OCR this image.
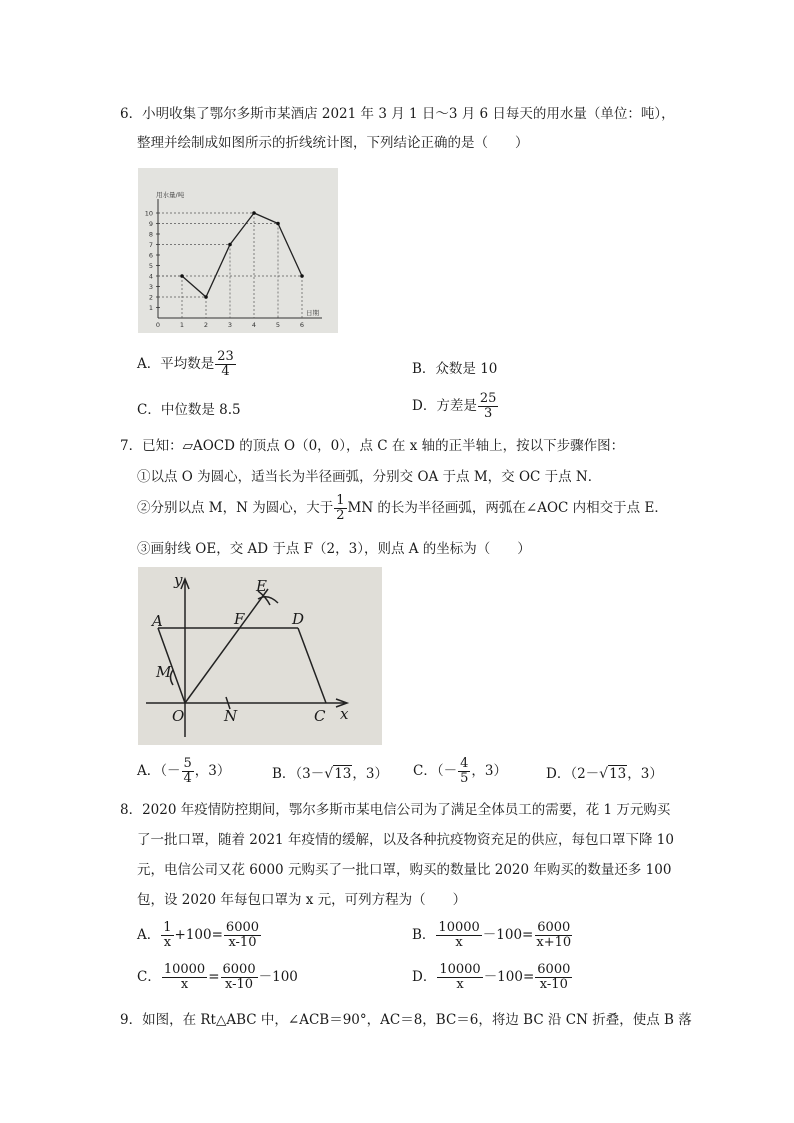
6．小明收集了鄂尔多斯市某酒店 2021 年 3 月 1 日～3 月 6 日每天的用水量（单位：吨），
整理并绘制成如图所示的折线统计图，下列结论正确的是（　　）
1
2
3
4
5
6
7
8
9
10
0	1	2	3	4	5	6
用水量/吨
日期
A．平均数是 $\frac{23}{4}$	B．众数是 10
C．中位数是 8.5	D．方差是 $\frac{25}{3}$
7．已知：▱AOCD 的顶点 O（0，0），点 C 在 x 轴的正半轴上，按以下步骤作图：
①以点 O 为圆心，适当长为半径画弧，分别交 OA 于点 M，交 OC 于点 N．
②分别以点 M，N 为圆心，大于 $\frac{1}{2}$ MN 的长为半径画弧，两弧在∠AOC 内相交于点 E．
③画射线 OE，交 AD 于点 F（2，3），则点 A 的坐标为（　　）
y
x
A	D
E
F
M
O	N	C
A．（－ $\frac{5}{4}$ ，3）	B．（3－√13，3） C．（－ $\frac{4}{5}$ ，3）	D．（2－√13，3）
8．2020 年疫情防控期间，鄂尔多斯市某电信公司为了满足全体员工的需要，花 1 万元购买
了一批口罩，随着 2021 年疫情的缓解，以及各种抗疫物资充足的供应，每包口罩下降 10
元，电信公司又花 6000 元购买了一批口罩，购买的数量比 2020 年购买的数量还多 100
包，设 2020 年每包口罩为 x 元，可列方程为（　　）
A． $\frac{1}{x} +100= \frac{6000}{x-10}$	B． $\frac{10000}{x} -100= \frac{6000}{x+10}$
C． $\frac{10000}{x} = \frac{6000}{x-10} -100$	D． $\frac{10000}{x} -100= \frac{6000}{x-10}$
9．如图，在 Rt△ABC 中，∠ACB＝90°，AC＝8，BC＝6，将边 BC 沿 CN 折叠，使点 B 落
